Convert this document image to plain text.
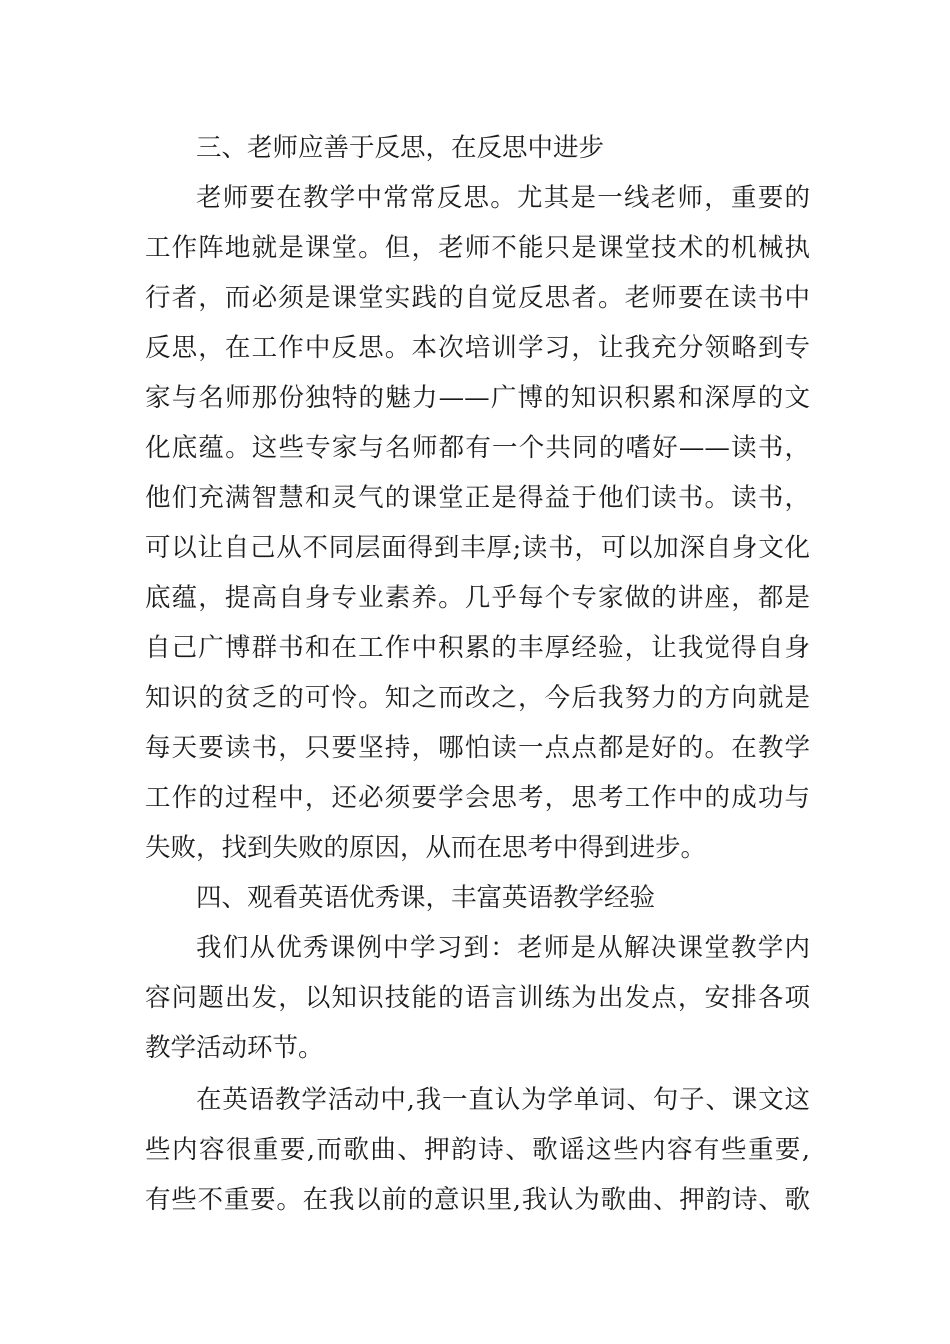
三、老师应善于反思，在反思中进步
老师要在教学中常常反思。尤其是一线老师，重要的
工作阵地就是课堂。但，老师不能只是课堂技术的机械执
行者，而必须是课堂实践的自觉反思者。老师要在读书中
反思，在工作中反思。本次培训学习，让我充分领略到专
家与名师那份独特的魅力——广博的知识积累和深厚的文
化底蕴。这些专家与名师都有一个共同的嗜好——读书，
他们充满智慧和灵气的课堂正是得益于他们读书。读书，
可以让自己从不同层面得到丰厚;读书，可以加深自身文化
底蕴，提高自身专业素养。几乎每个专家做的讲座，都是
自己广博群书和在工作中积累的丰厚经验，让我觉得自身
知识的贫乏的可怜。知之而改之，今后我努力的方向就是
每天要读书，只要坚持，哪怕读一点点都是好的。在教学
工作的过程中，还必须要学会思考，思考工作中的成功与
失败，找到失败的原因，从而在思考中得到进步。
四、观看英语优秀课，丰富英语教学经验
我们从优秀课例中学习到：老师是从解决课堂教学内
容问题出发，以知识技能的语言训练为出发点，安排各项
教学活动环节。
在英语教学活动中,我一直认为学单词、句子、课文这
些内容很重要,而歌曲、押韵诗、歌谣这些内容有些重要,
有些不重要。在我以前的意识里,我认为歌曲、押韵诗、歌
